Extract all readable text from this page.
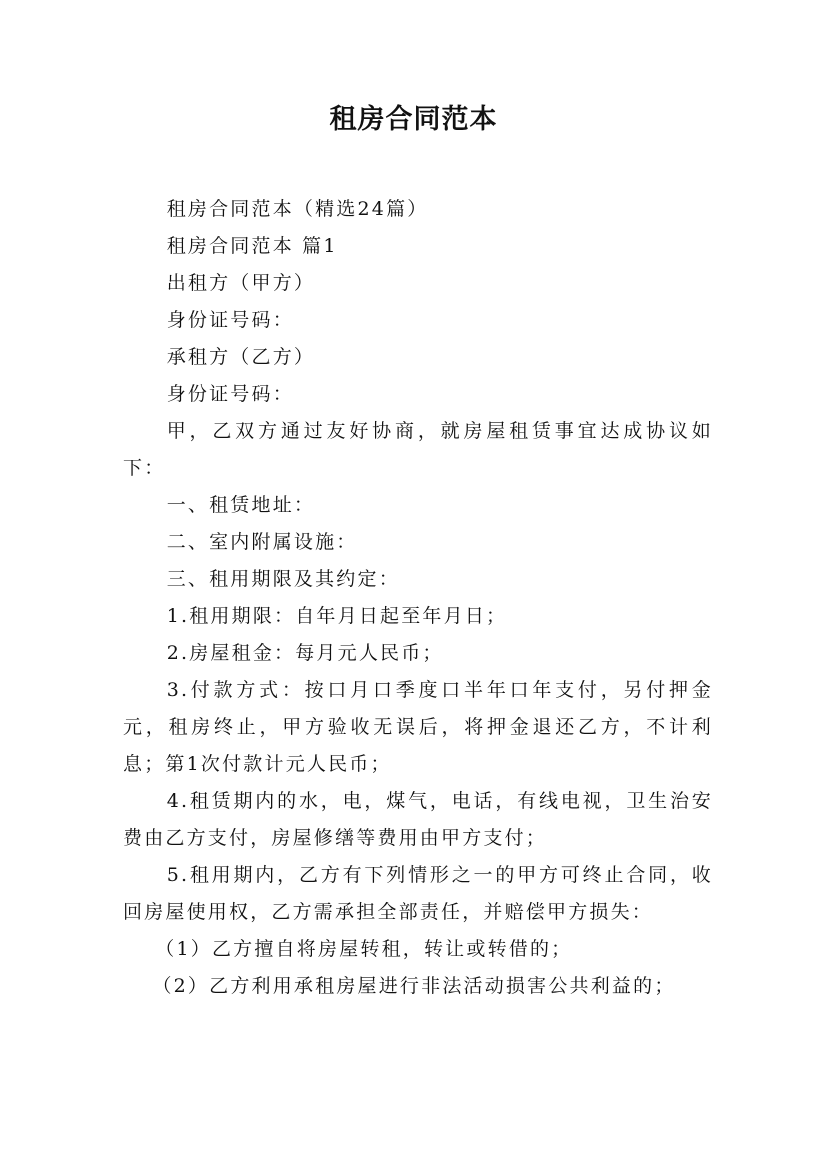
租房合同范本

租房合同范本（精选24篇）

租房合同范本 篇1

出租方（甲方）

身份证号码：

承租方（乙方）

身份证号码：

甲，乙双方通过友好协商，就房屋租赁事宜达成协议如下：

一、租赁地址：

二、室内附属设施：

三、租用期限及其约定：

1.租用期限：自年月日起至年月日；

2.房屋租金：每月元人民币；

3.付款方式：按口月口季度口半年口年支付，另付押金元，租房终止，甲方验收无误后，将押金退还乙方，不计利息；第1次付款计元人民币；

4.租赁期内的水，电，煤气，电话，有线电视，卫生治安费由乙方支付，房屋修缮等费用由甲方支付；

5.租用期内，乙方有下列情形之一的甲方可终止合同，收回房屋使用权，乙方需承担全部责任，并赔偿甲方损失：

（1）乙方擅自将房屋转租，转让或转借的；

（2）乙方利用承租房屋进行非法活动损害公共利益的；
